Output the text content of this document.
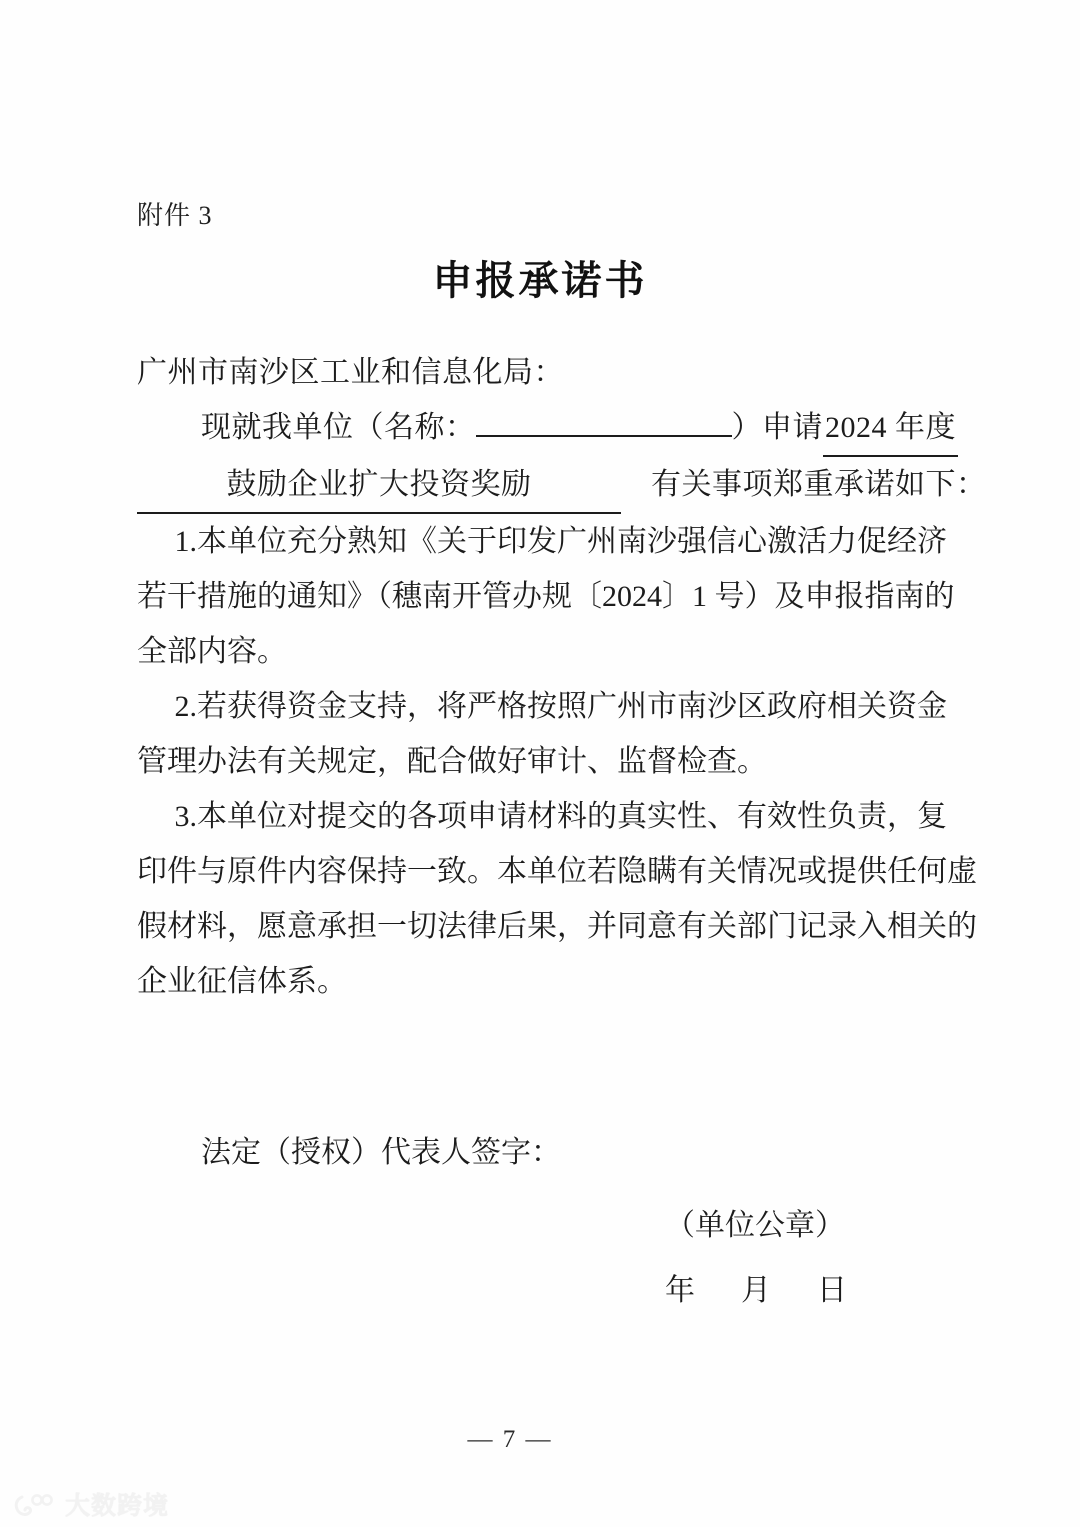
附件 3
申报承诺书
广州市南沙区工业和信息化局：
现就我单位（名称：	）申请2024 年度
鼓励企业扩大投资奖励	有关事项郑重承诺如下：
1.本单位充分熟知《关于印发广州南沙强信心激活力促经济
若干措施的通知》（穗南开管办规〔2024〕1 号）及申报指南的
全部内容。
2.若获得资金支持，将严格按照广州市南沙区政府相关资金
管理办法有关规定，配合做好审计、监督检查。
3.本单位对提交的各项申请材料的真实性、有效性负责，复
印件与原件内容保持一致。本单位若隐瞒有关情况或提供任何虚
假材料，愿意承担一切法律后果，并同意有关部门记录入相关的
企业征信体系。
法定（授权）代表人签字：
（单位公章）
年 月 日
— 7 —
大数跨境
